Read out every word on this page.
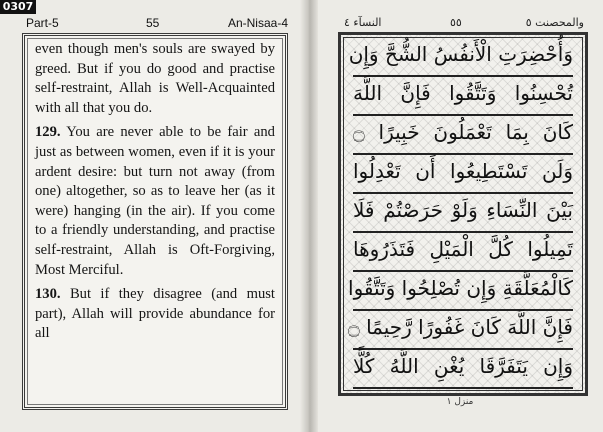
0307
Part-5	55	An-Nisaa-4

even though men's souls are swayed by greed. But if you do good and practise self-restraint, Allah is Well-Acquainted with all that you do.

129. You are never able to be fair and just as between women, even if it is your ardent desire: but turn not away (from one) altogether, so as to leave her (as it were) hanging (in the air). If you come to a friendly understanding, and practise self-restraint, Allah is Oft-Forgiving, Most Merciful.

130. But if they disagree (and must part), Allah will provide abundance for all

والمحصنت ٥
٥٥
النسآء ٤
وَأُحْضِرَتِ الْأَنفُسُ الشُّحَّ وَإِن
تُحْسِنُوا وَتَتَّقُوا فَإِنَّ اللَّهَ
كَانَ بِمَا تَعْمَلُونَ خَبِيرًا ۝
وَلَن تَسْتَطِيعُوا أَن تَعْدِلُوا
بَيْنَ النِّسَاءِ وَلَوْ حَرَصْتُمْ فَلَا
تَمِيلُوا كُلَّ الْمَيْلِ فَتَذَرُوهَا
كَالْمُعَلَّقَةِ وَإِن تُصْلِحُوا وَتَتَّقُوا
فَإِنَّ اللَّهَ كَانَ غَفُورًا رَّحِيمًا ۝
وَإِن يَتَفَرَّقَا يُغْنِ اللَّهُ كُلًّا
منزل ١
